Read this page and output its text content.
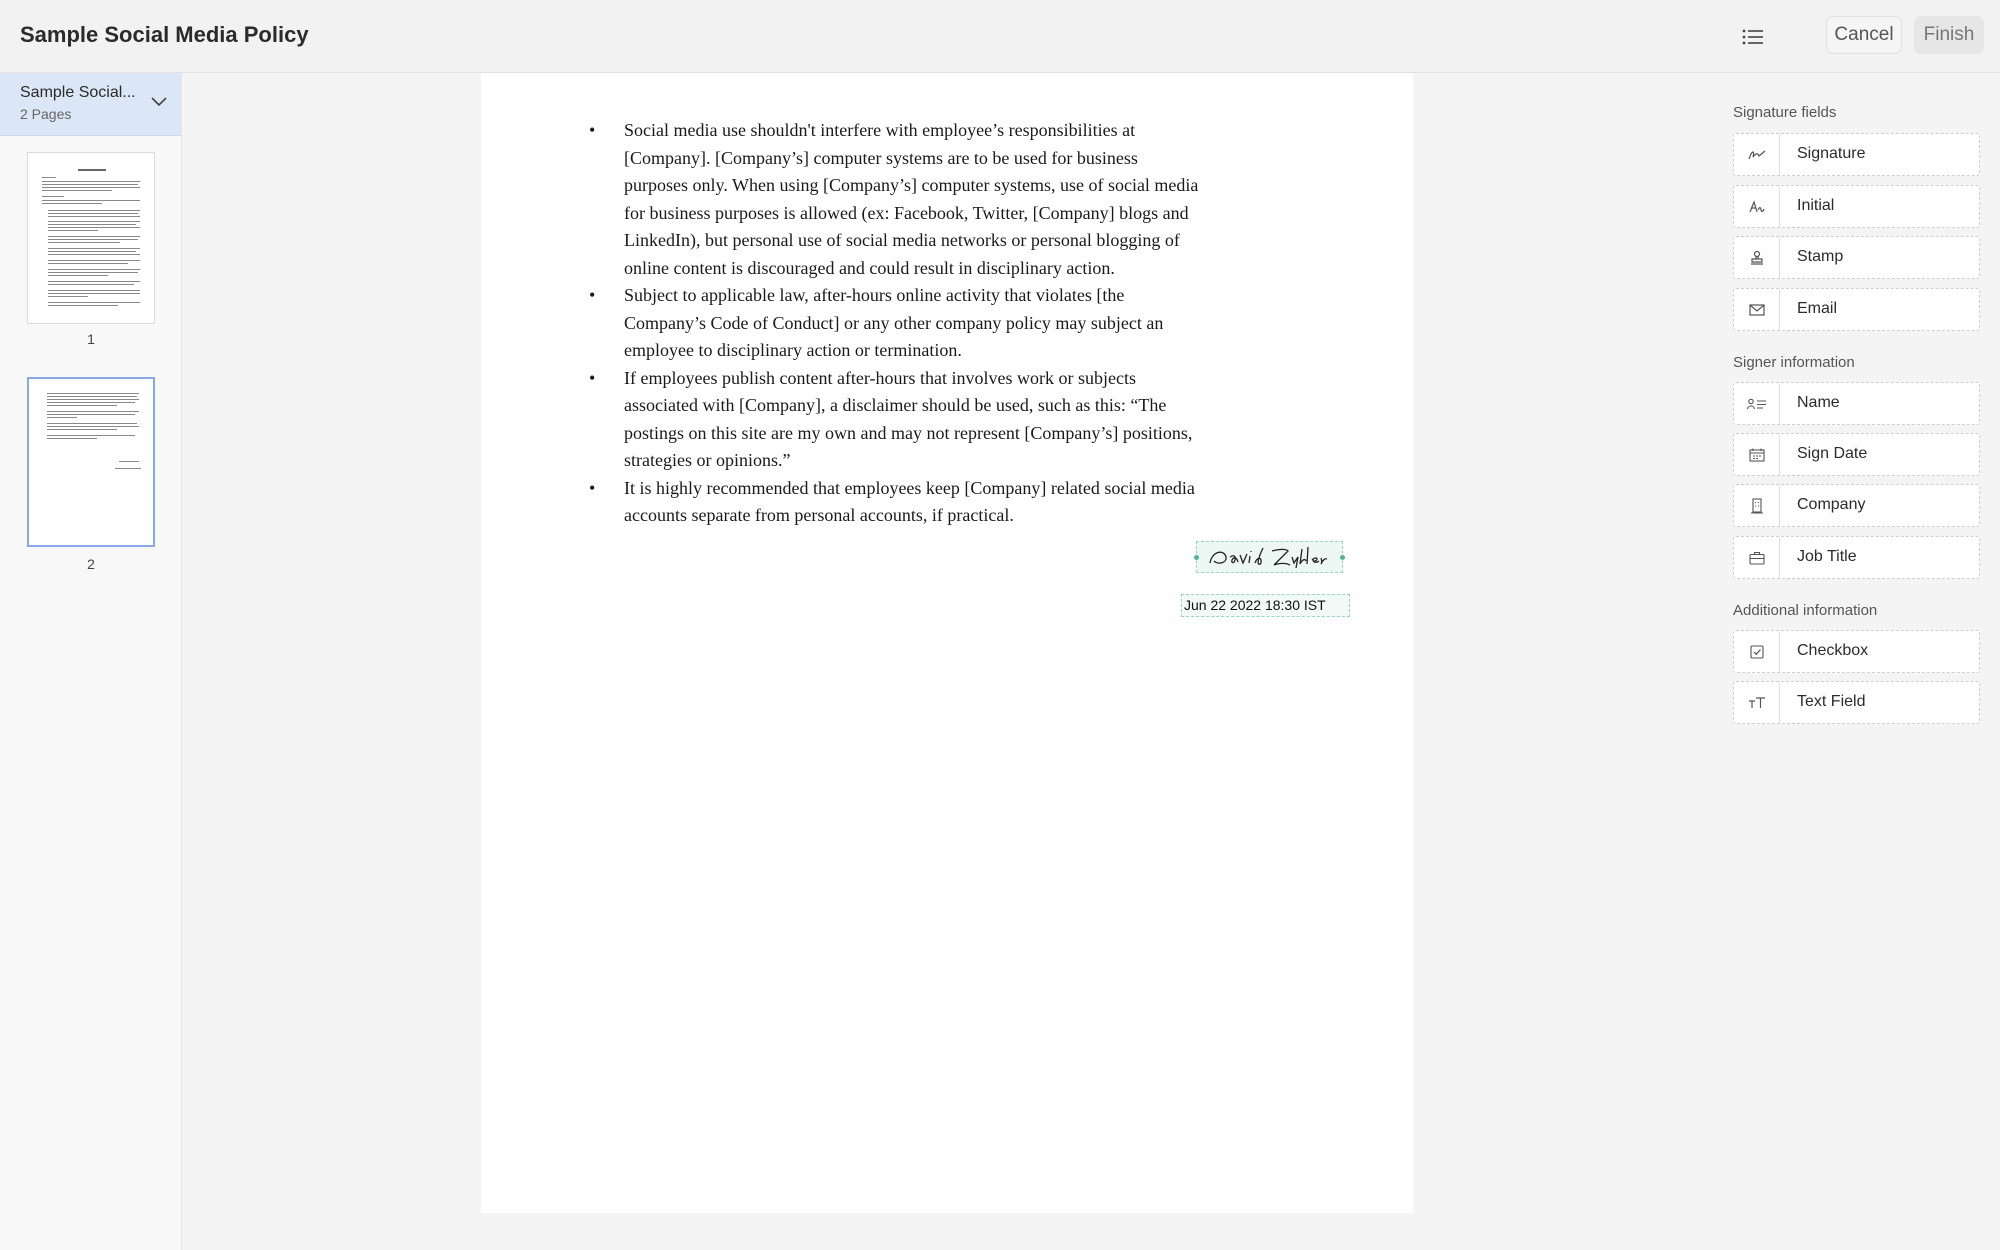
Sample Social Media Policy	Cancel	Finish
Sample Social...
2 Pages
1
2
• Social media use shouldn't interfere with employee’s responsibilities at [Company]. [Company’s] computer systems are to be used for business purposes only. When using [Company’s] computer systems, use of social media for business purposes is allowed (ex: Facebook, Twitter, [Company] blogs and LinkedIn), but personal use of social media networks or personal blogging of online content is discouraged and could result in disciplinary action.
• Subject to applicable law, after-hours online activity that violates [the Company’s Code of Conduct] or any other company policy may subject an employee to disciplinary action or termination.
• If employees publish content after-hours that involves work or subjects associated with [Company], a disclaimer should be used, such as this: “The postings on this site are my own and may not represent [Company’s] positions, strategies or opinions.”
• It is highly recommended that employees keep [Company] related social media accounts separate from personal accounts, if practical.
Jun 22 2022 18:30 IST
Signature fields
Signature
Initial
Stamp
Email
Signer information
Name
Sign Date
Company
Job Title
Additional information
Checkbox
Text Field
